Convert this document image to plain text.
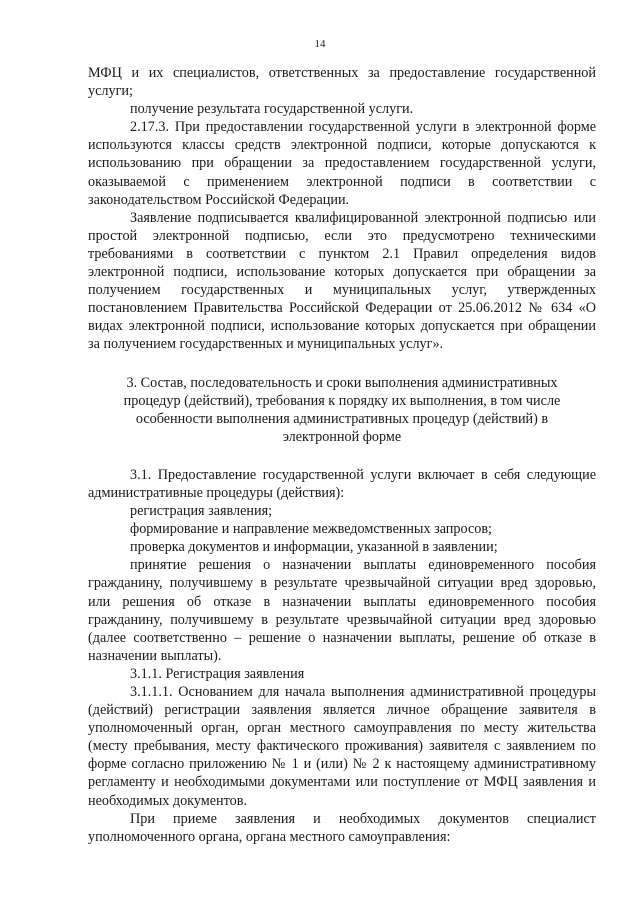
14

МФЦ и их специалистов, ответственных за предоставление государственной услуги;

получение результата государственной услуги.

2.17.3. При предоставлении государственной услуги в электронной форме используются классы средств электронной подписи, которые допускаются к использованию при обращении за предоставлением государственной услуги, оказываемой с применением электронной подписи в соответствии с законодательством Российской Федерации.

Заявление подписывается квалифицированной электронной подписью или простой электронной подписью, если это предусмотрено техническими требованиями в соответствии с пунктом 2.1 Правил определения видов электронной подписи, использование которых допускается при обращении за получением государственных и муниципальных услуг, утвержденных постановлением Правительства Российской Федерации от 25.06.2012 № 634 «О видах электронной подписи, использование которых допускается при обращении за получением государственных и муниципальных услуг».

3. Состав, последовательность и сроки выполнения административных процедур (действий), требования к порядку их выполнения, в том числе особенности выполнения административных процедур (действий) в электронной форме

3.1. Предоставление государственной услуги включает в себя следующие административные процедуры (действия):

регистрация заявления;

формирование и направление межведомственных запросов;

проверка документов и информации, указанной в заявлении;

принятие решения о назначении выплаты единовременного пособия гражданину, получившему в результате чрезвычайной ситуации вред здоровью, или решения об отказе в назначении выплаты единовременного пособия гражданину, получившему в результате чрезвычайной ситуации вред здоровью (далее соответственно – решение о назначении выплаты, решение об отказе в назначении выплаты).

3.1.1. Регистрация заявления

3.1.1.1. Основанием для начала выполнения административной процедуры (действий) регистрации заявления является личное обращение заявителя в уполномоченный орган, орган местного самоуправления по месту жительства (месту пребывания, месту фактического проживания) заявителя с заявлением по форме согласно приложению № 1 и (или) № 2 к настоящему административному регламенту и необходимыми документами или поступление от МФЦ заявления и необходимых документов.

При приеме заявления и необходимых документов специалист уполномоченного органа, органа местного самоуправления:
